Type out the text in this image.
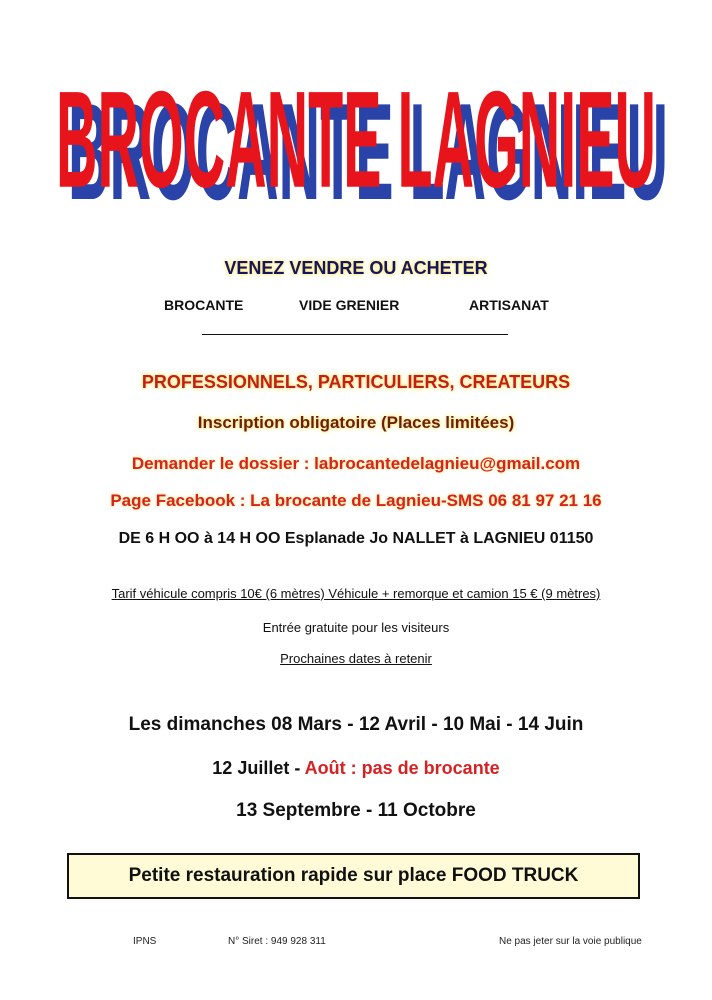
BROCANTE LAGNIEU
BROCANTE LAGNIEU
VENEZ VENDRE OU ACHETER
BROCANTE	VIDE GRENIER	ARTISANAT
PROFESSIONNELS, PARTICULIERS, CREATEURS
Inscription obligatoire (Places limitées)
Demander le dossier : labrocantedelagnieu@gmail.com
Page Facebook : La brocante de Lagnieu-SMS 06 81 97 21 16
DE 6 H OO à 14 H OO Esplanade Jo NALLET à LAGNIEU 01150
Tarif véhicule compris 10€ (6 mètres) Véhicule + remorque et camion 15 € (9 mètres)
Entrée gratuite pour les visiteurs
Prochaines dates à retenir
Les dimanches 08 Mars - 12 Avril - 10 Mai - 14 Juin
12 Juillet - Août : pas de brocante
13 Septembre - 11 Octobre
Petite restauration rapide sur place FOOD TRUCK
IPNS	N° Siret : 949 928 311	Ne pas jeter sur la voie publique
